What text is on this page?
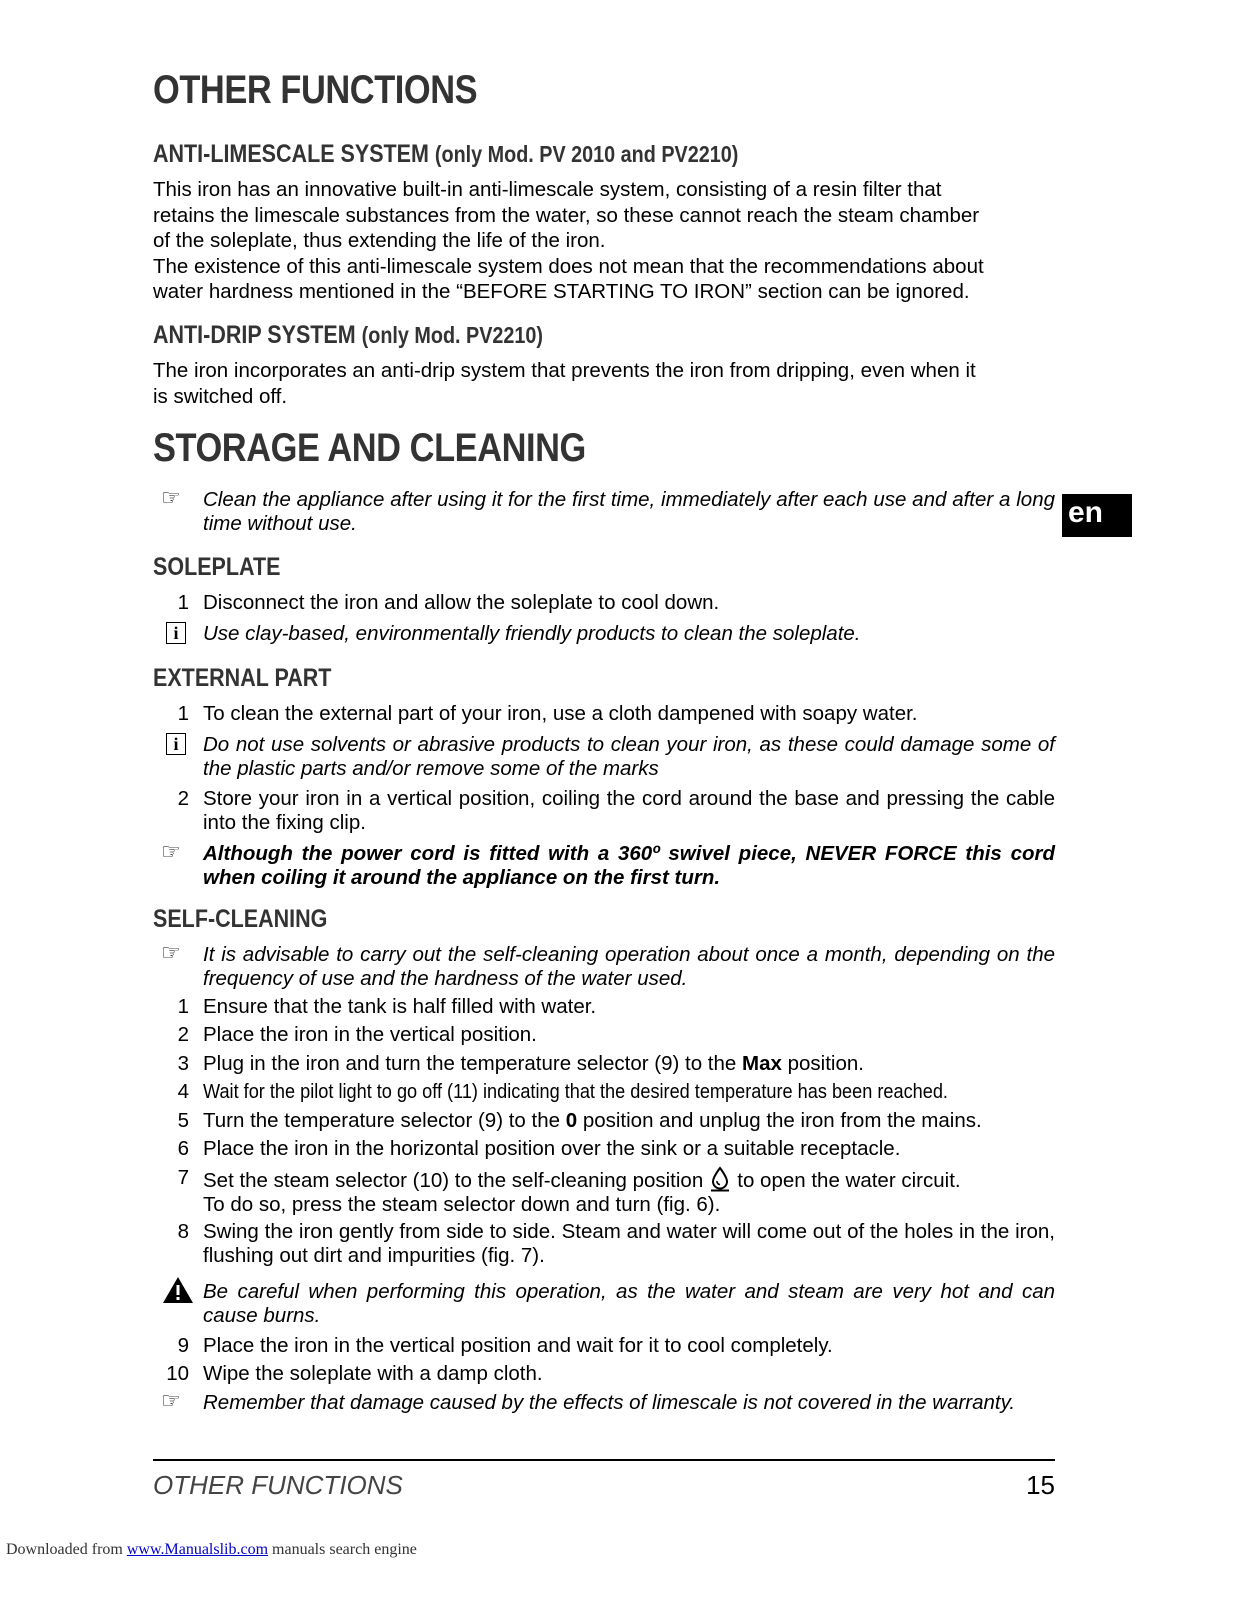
OTHER FUNCTIONS
ANTI-LIMESCALE SYSTEM (only Mod. PV 2010 and PV2210)
This iron has an innovative built-in anti-limescale system, consisting of a resin filter that
retains the limescale substances from the water, so these cannot reach the steam chamber
of the soleplate, thus extending the life of the iron.
The existence of this anti-limescale system does not mean that the recommendations about
water hardness mentioned in the “BEFORE STARTING TO IRON” section can be ignored.
ANTI-DRIP SYSTEM (only Mod. PV2210)
The iron incorporates an anti-drip system that prevents the iron from dripping, even when it
is switched off.
STORAGE AND CLEANING
☞ Clean the appliance after using it for the first time, immediately after each use and after a long time without use.
SOLEPLATE
1 Disconnect the iron and allow the soleplate to cool down.
i	Use clay-based, environmentally friendly products to clean the soleplate.
EXTERNAL PART
1 To clean the external part of your iron, use a cloth dampened with soapy water.
i	Do not use solvents or abrasive products to clean your iron, as these could damage some of the plastic parts and/or remove some of the marks
2 Store your iron in a vertical position, coiling the cord around the base and pressing the cable into the fixing clip.
☞ Although the power cord is fitted with a 360º swivel piece, NEVER FORCE this cord when coiling it around the appliance on the first turn.
SELF-CLEANING
☞ It is advisable to carry out the self-cleaning operation about once a month, depending on the frequency of use and the hardness of the water used.
1 Ensure that the tank is half filled with water.
2 Place the iron in the vertical position.
3 Plug in the iron and turn the temperature selector (9) to the Max position.
4 Wait for the pilot light to go off (11) indicating that the desired temperature has been reached.
5 Turn the temperature selector (9) to the 0 position and unplug the iron from the mains.
6 Place the iron in the horizontal position over the sink or a suitable receptacle.
7 Set the steam selector (10) to the self-cleaning position to open the water circuit.
To do so, press the steam selector down and turn (fig. 6).
8 Swing the iron gently from side to side. Steam and water will come out of the holes in the iron, flushing out dirt and impurities (fig. 7).
Be careful when performing this operation, as the water and steam are very hot and can cause burns.
9 Place the iron in the vertical position and wait for it to cool completely.
10 Wipe the soleplate with a damp cloth.
☞ Remember that damage caused by the effects of limescale is not covered in the warranty.
OTHER FUNCTIONS	15
en
Downloaded from www.Manualslib.com manuals search engine
